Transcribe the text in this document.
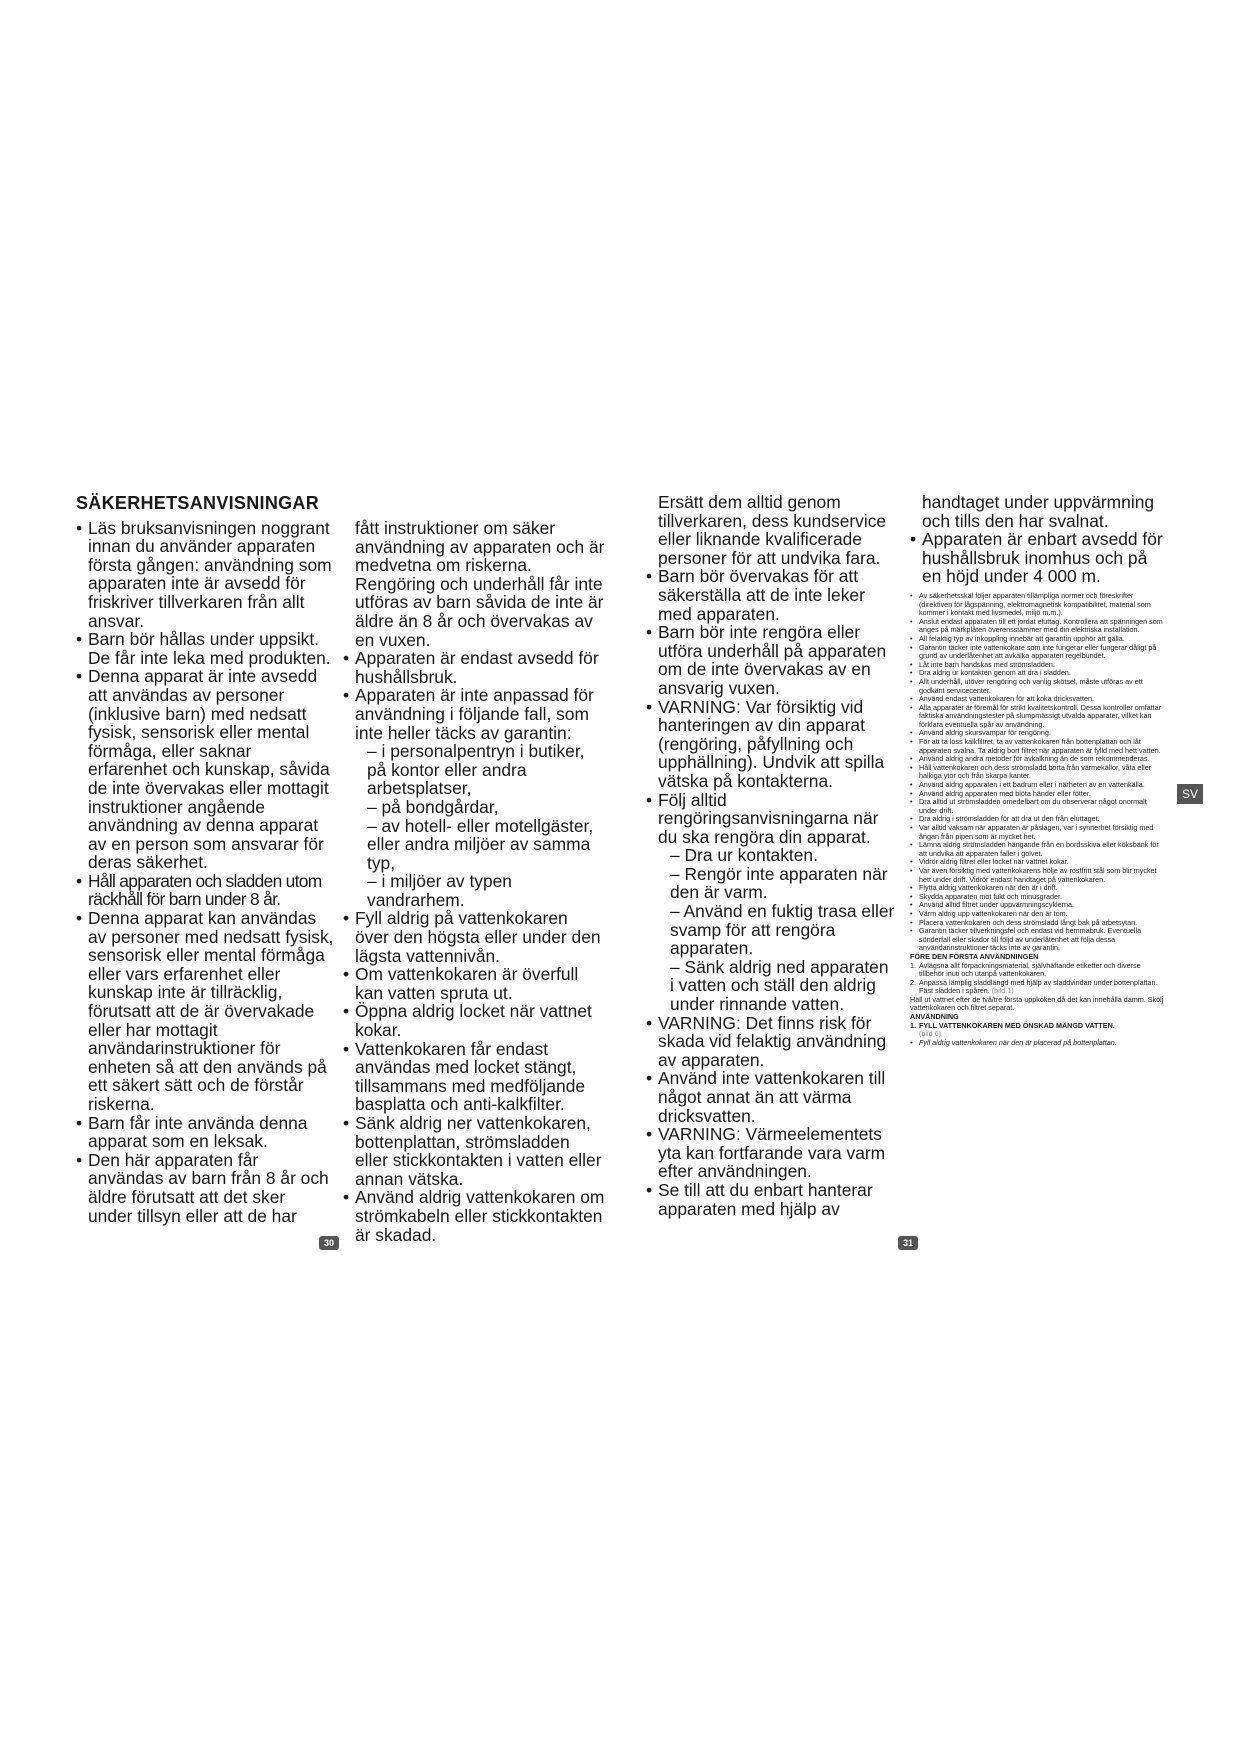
SÄKERHETSANVISNINGAR
• Läs bruksanvisningen noggrant innan du använder apparaten första gången: användning som apparaten inte är avsedd för friskriver tillverkaren från allt ansvar.
• Barn bör hållas under uppsikt. De får inte leka med produkten.
• Denna apparat är inte avsedd att användas av personer (inklusive barn) med nedsatt fysisk, sensorisk eller mental förmåga, eller saknar erfarenhet och kunskap, såvida de inte övervakas eller mottagit instruktioner angående användning av denna apparat av en person som ansvarar för deras säkerhet.
• Håll apparaten och sladden utom räckhåll för barn under 8 år.
• Denna apparat kan användas av personer med nedsatt fysisk, sensorisk eller mental förmåga eller vars erfarenhet eller kunskap inte är tillräcklig, förutsatt att de är övervakade eller har mottagit användarinstruktioner för enheten så att den används på ett säkert sätt och de förstår riskerna.
• Barn får inte använda denna apparat som en leksak.
• Den här apparaten får användas av barn från 8 år och äldre förutsatt att det sker under tillsyn eller att de har
fått instruktioner om säker användning av apparaten och är medvetna om riskerna. Rengöring och underhåll får inte utföras av barn såvida de inte är äldre än 8 år och övervakas av en vuxen.
• Apparaten är endast avsedd för hushållsbruk.
• Apparaten är inte anpassad för användning i följande fall, som inte heller täcks av garantin:
– i personalpentryn i butiker, på kontor eller andra arbetsplatser,
– på bondgårdar,
– av hotell- eller motellgäster, eller andra miljöer av samma typ,
– i miljöer av typen vandrarhem.
• Fyll aldrig på vattenkokaren över den högsta eller under den lägsta vattennivån.
• Om vattenkokaren är överfull kan vatten spruta ut.
• Öppna aldrig locket när vattnet kokar.
• Vattenkokaren får endast användas med locket stängt, tillsammans med medföljande basplatta och anti-kalkfilter.
• Sänk aldrig ner vattenkokaren, bottenplattan, strömsladden eller stickkontakten i vatten eller annan vätska.
• Använd aldrig vattenkokaren om strömkabeln eller stickkontakten är skadad.
30
Ersätt dem alltid genom tillverkaren, dess kundservice eller liknande kvalificerade personer för att undvika fara.
• Barn bör övervakas för att säkerställa att de inte leker med apparaten.
• Barn bör inte rengöra eller utföra underhåll på apparaten om de inte övervakas av en ansvarig vuxen.
• VARNING: Var försiktig vid hanteringen av din apparat (rengöring, påfyllning och upphällning). Undvik att spilla vätska på kontakterna.
• Följ alltid rengöringsanvisningarna när du ska rengöra din apparat.
– Dra ur kontakten.
– Rengör inte apparaten när den är varm.
– Använd en fuktig trasa eller svamp för att rengöra apparaten.
– Sänk aldrig ned apparaten i vatten och ställ den aldrig under rinnande vatten.
• VARNING: Det finns risk för skada vid felaktig användning av apparaten.
• Använd inte vattenkokaren till något annat än att värma dricksvatten.
• VARNING: Värmeelementets yta kan fortfarande vara varm efter användningen.
• Se till att du enbart hanterar apparaten med hjälp av
handtaget under uppvärmning och tills den har svalnat.
• Apparaten är enbart avsedd för hushållsbruk inomhus och på en höjd under 4 000 m.
• Av säkerhetsskäl följer apparaten tillämpliga normer och föreskrifter (direktiven för lågspänning, elektromagnetisk kompatibilitet, material som kommer i kontakt med livsmedel, miljö m.m.).
• Anslut endast apparaten till ett jordat eluttag. Kontrollera att spänningen som anges på märkplåten överensstämmer med din elektriska installation.
• All felaktig typ av inkoppling innebär att garantin upphör att gälla.
• Garantin täcker inte vattenkokare som inte fungerar eller fungerar dåligt på grund av underlåtenhet att avkalka apparaten regelbundet.
• Låt inte barn handskas med strömsladden.
• Dra aldrig ur kontakten genom att dra i sladden.
• Allt underhåll, utöver rengöring och vanlig skötsel, måste utföras av ett godkänt servicecenter.
• Använd endast vattenkokaren för att koka dricksvatten.
• Alla apparater är föremål för strikt kvalitetskontroll. Dessa kontroller omfattar faktiska användningstester på slumpmässigt utvalda apparater, vilket kan förklara eventuella spår av användning.
• Använd aldrig skursvampar för rengöring.
• För att ta loss kalkfiltret, ta av vattenkokaren från bottenplattan och låt apparaten svalna. Ta aldrig bort filtret när apparaten är fylld med hett vatten.
• Använd aldrig andra metoder för avkalkning än de som rekommenderas.
• Håll vattenkokaren och dess strömsladd borta från värmekällor, våta eller halkiga ytor och från skarpa kanter.
• Använd aldrig apparaten i ett badrum eller i närheten av en vattenkälla.
• Använd aldrig apparaten med blöta händer eller fötter.
• Dra alltid ut strömsladden omedelbart om du observerar något onormalt under drift.
• Dra aldrig i strömsladden för att dra ut den från eluttaget.
• Var alltid vaksam när apparaten är påslagen, var i synnerhet försiktig med ångan från pipen som är mycket het.
• Lämna aldrig strömsladden hängande från en bordsskiva eller köksbänk för att undvika att apparaten faller i golvet.
• Vidrör aldrig filtret eller locket när vattnet kokar.
• Var även försiktig med vattenkokarens hölje av rostfritt stål som blir mycket hett under drift. Vidrör endast handtaget på vattenkokaren.
• Flytta aldrig vattenkokaren när den är i drift.
• Skydda apparaten mot fukt och minusgrader.
• Använd alltid filtret under uppvärmningscyklerna.
• Värm aldrig upp vattenkokaren när den är tom.
• Placera vattenkokaren och dess strömsladd långt bak på arbetsytan.
• Garantin täcker tillverkningsfel och endast vid hemmabruk. Eventuella sönderfall eller skador till följd av underlåtenhet att följa dessa användarinstruktioner täcks inte av garantin.
FÖRE DEN FÖRSTA ANVÄNDNINGEN
1. Avlägsna allt förpackningsmaterial, självhäftande etiketter och diverse tillbehör inuti och utanpå vattenkokaren.
2. Anpassa lämplig sladdlängd med hjälp av sladdvindan under bottenplattan. Fäst sladden i spåren. (bild 1)
Häll ut vattnet efter de två/tre första uppkoken då det kan innehålla damm. Skölj vattenkokaren och filtret separat.
ANVÄNDNING
1. FYLL VATTENKOKAREN MED ÖNSKAD MÄNGD VATTEN.
(bild 6)
• Fyll aldrig vattenkokaren när den är placerad på bottenplattan.
31
SV
